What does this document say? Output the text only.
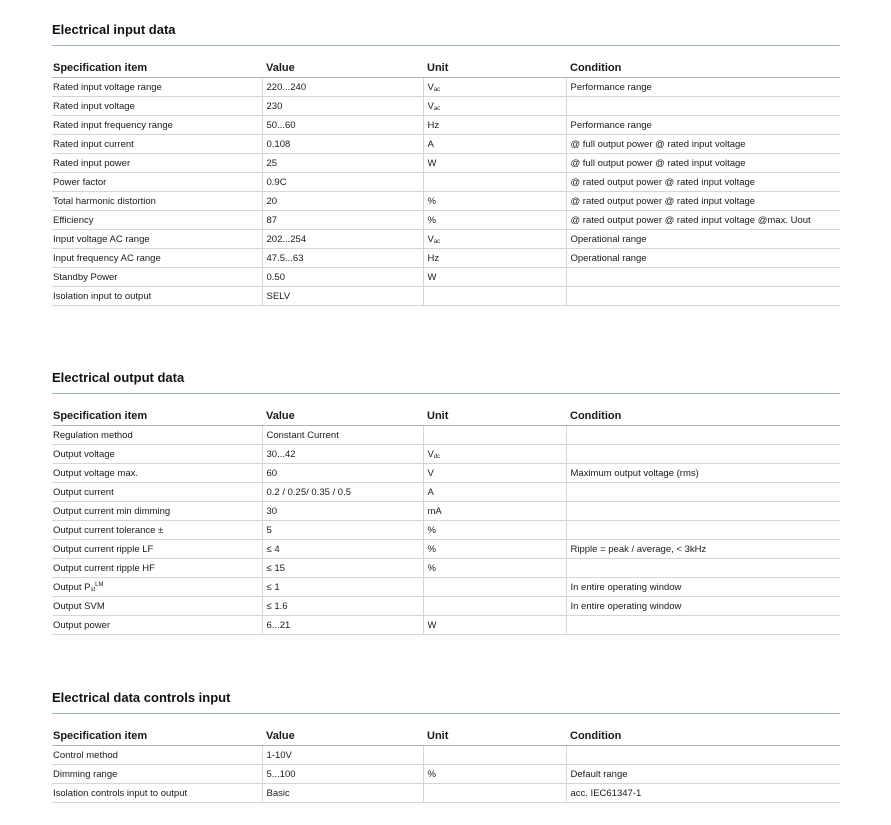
Electrical input data
Specification item	Value	Unit	Condition
Rated input voltage range	220...240	Vac	Performance range
Rated input voltage	230	Vac	
Rated input frequency range	50...60	Hz	Performance range
Rated input current	0.108	A	@ full output power @ rated input voltage
Rated input power	25	W	@ full output power @ rated input voltage
Power factor	0.9C		@ rated output power @ rated input voltage
Total harmonic distortion	20	%	@ rated output power @ rated input voltage
Efficiency	87	%	@ rated output power @ rated input voltage @max. Uout
Input voltage AC range	202...254	Vac	Operational range
Input frequency AC range	47.5...63	Hz	Operational range
Standby Power	0.50	W	
Isolation input to output	SELV		
Electrical output data
Specification item	Value	Unit	Condition
Regulation method	Constant Current		
Output voltage	30...42	Vdc	
Output voltage max.	60	V	Maximum output voltage (rms)
Output current	0.2 / 0.25/ 0.35 / 0.5	A	
Output current min dimming	30	mA	
Output current tolerance ±	5	%	
Output current ripple LF	≤ 4	%	Ripple = peak / average, < 3kHz
Output current ripple HF	≤ 15	%	
Output Pst$^{LM}$	≤ 1		In entire operating window
Output SVM	≤ 1.6		In entire operating window
Output power	6...21	W	
Electrical data controls input
Specification item	Value	Unit	Condition
Control method	1-10V		
Dimming range	5...100	%	Default range
Isolation controls input to output	Basic		acc. IEC61347-1
